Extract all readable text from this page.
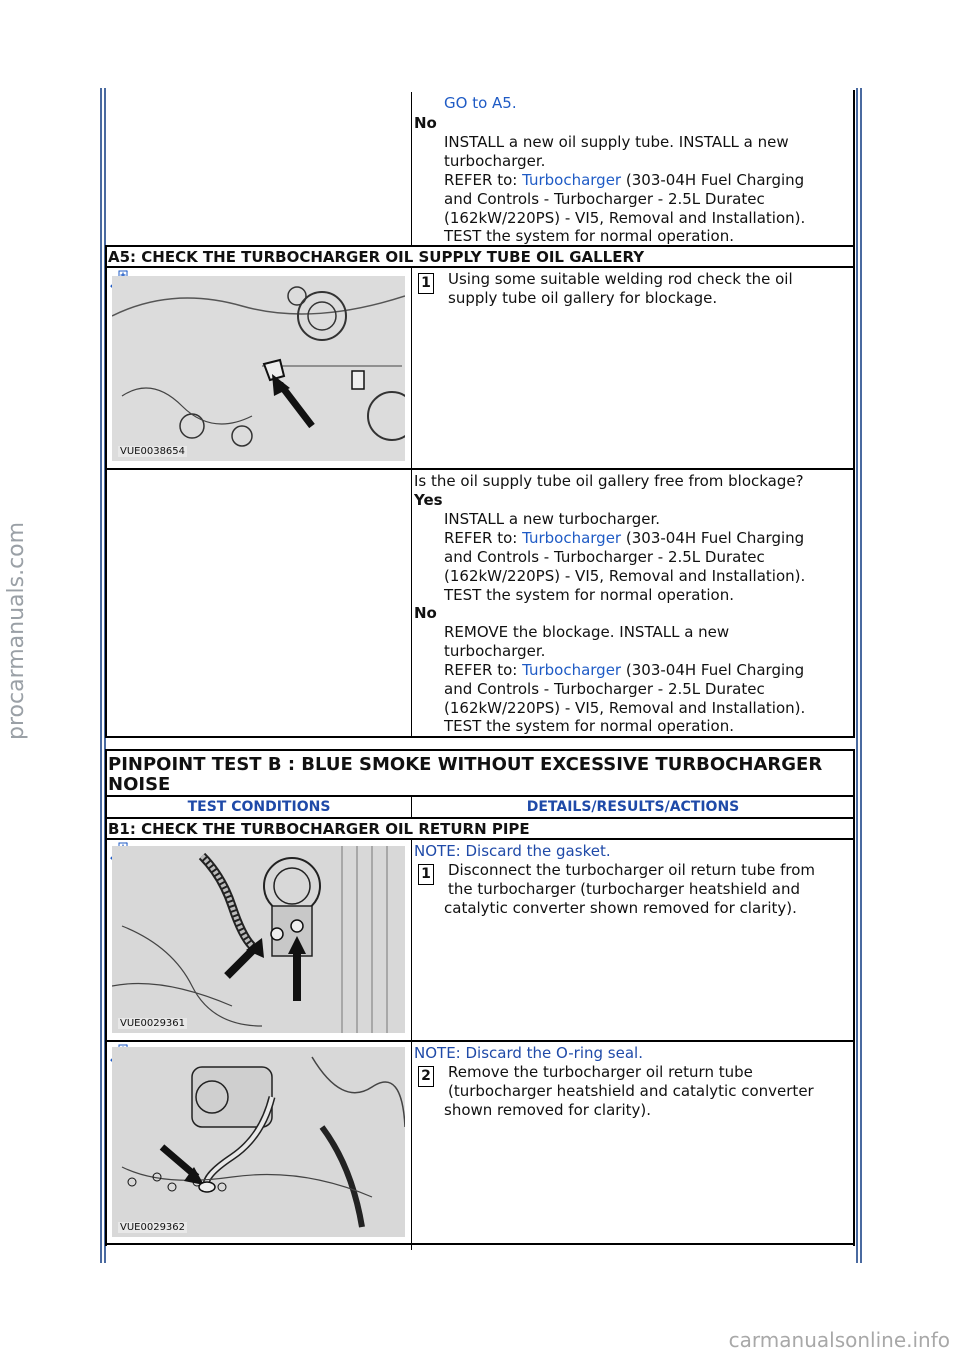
procarmanuals.com
carmanualsonline.info
GO to A5.
No
INSTALL a new oil supply tube. INSTALL a new
turbocharger.
REFER to: Turbocharger (303-04H Fuel Charging
and Controls - Turbocharger - 2.5L Duratec
(162kW/220PS) - VI5, Removal and Installation).
TEST the system for normal operation.
A5: CHECK THE TURBOCHARGER OIL SUPPLY TUBE OIL GALLERY
VUE0038654
1 Using some suitable welding rod check the oil
supply tube oil gallery for blockage.
Is the oil supply tube oil gallery free from blockage?
Yes
INSTALL a new turbocharger.
REFER to: Turbocharger (303-04H Fuel Charging
and Controls - Turbocharger - 2.5L Duratec
(162kW/220PS) - VI5, Removal and Installation).
TEST the system for normal operation.
No
REMOVE the blockage. INSTALL a new
turbocharger.
REFER to: Turbocharger (303-04H Fuel Charging
and Controls - Turbocharger - 2.5L Duratec
(162kW/220PS) - VI5, Removal and Installation).
TEST the system for normal operation.
PINPOINT TEST B : BLUE SMOKE WITHOUT EXCESSIVE TURBOCHARGER
NOISE
TEST CONDITIONS	DETAILS/RESULTS/ACTIONS
B1: CHECK THE TURBOCHARGER OIL RETURN PIPE
VUE0029361
NOTE: Discard the gasket.
1 Disconnect the turbocharger oil return tube from
the turbocharger (turbocharger heatshield and
catalytic converter shown removed for clarity).
VUE0029362
NOTE: Discard the O-ring seal.
2 Remove the turbocharger oil return tube
(turbocharger heatshield and catalytic converter
shown removed for clarity).
